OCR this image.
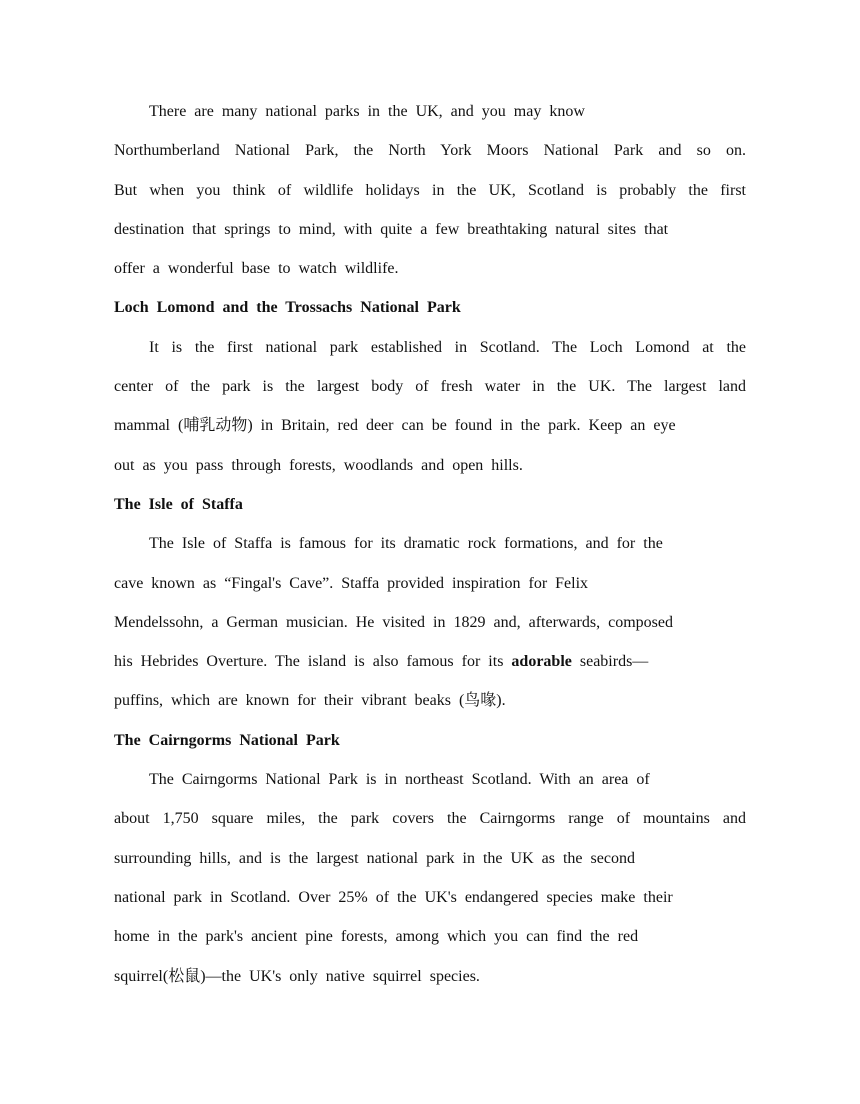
There are many national parks in the UK, and you may know
Northumberland National Park, the North York Moors National Park and so on.
But when you think of wildlife holidays in the UK, Scotland is probably the first
destination that springs to mind, with quite a few breathtaking natural sites that
offer a wonderful base to watch wildlife.
Loch Lomond and the Trossachs National Park
It is the first national park established in Scotland. The Loch Lomond at the
center of the park is the largest body of fresh water in the UK. The largest land
mammal (哺乳动物) in Britain, red deer can be found in the park. Keep an eye
out as you pass through forests, woodlands and open hills.
The Isle of Staffa
The Isle of Staffa is famous for its dramatic rock formations, and for the
cave known as “Fingal's Cave”. Staffa provided inspiration for Felix
Mendelssohn, a German musician. He visited in 1829 and, afterwards, composed
his Hebrides Overture. The island is also famous for its adorable seabirds—
puffins, which are known for their vibrant beaks (鸟喙).
The Cairngorms National Park
The Cairngorms National Park is in northeast Scotland. With an area of
about 1,750 square miles, the park covers the Cairngorms range of mountains and
surrounding hills, and is the largest national park in the UK as the second
national park in Scotland. Over 25% of the UK's endangered species make their
home in the park's ancient pine forests, among which you can find the red
squirrel(松鼠)—the UK's only native squirrel species.
